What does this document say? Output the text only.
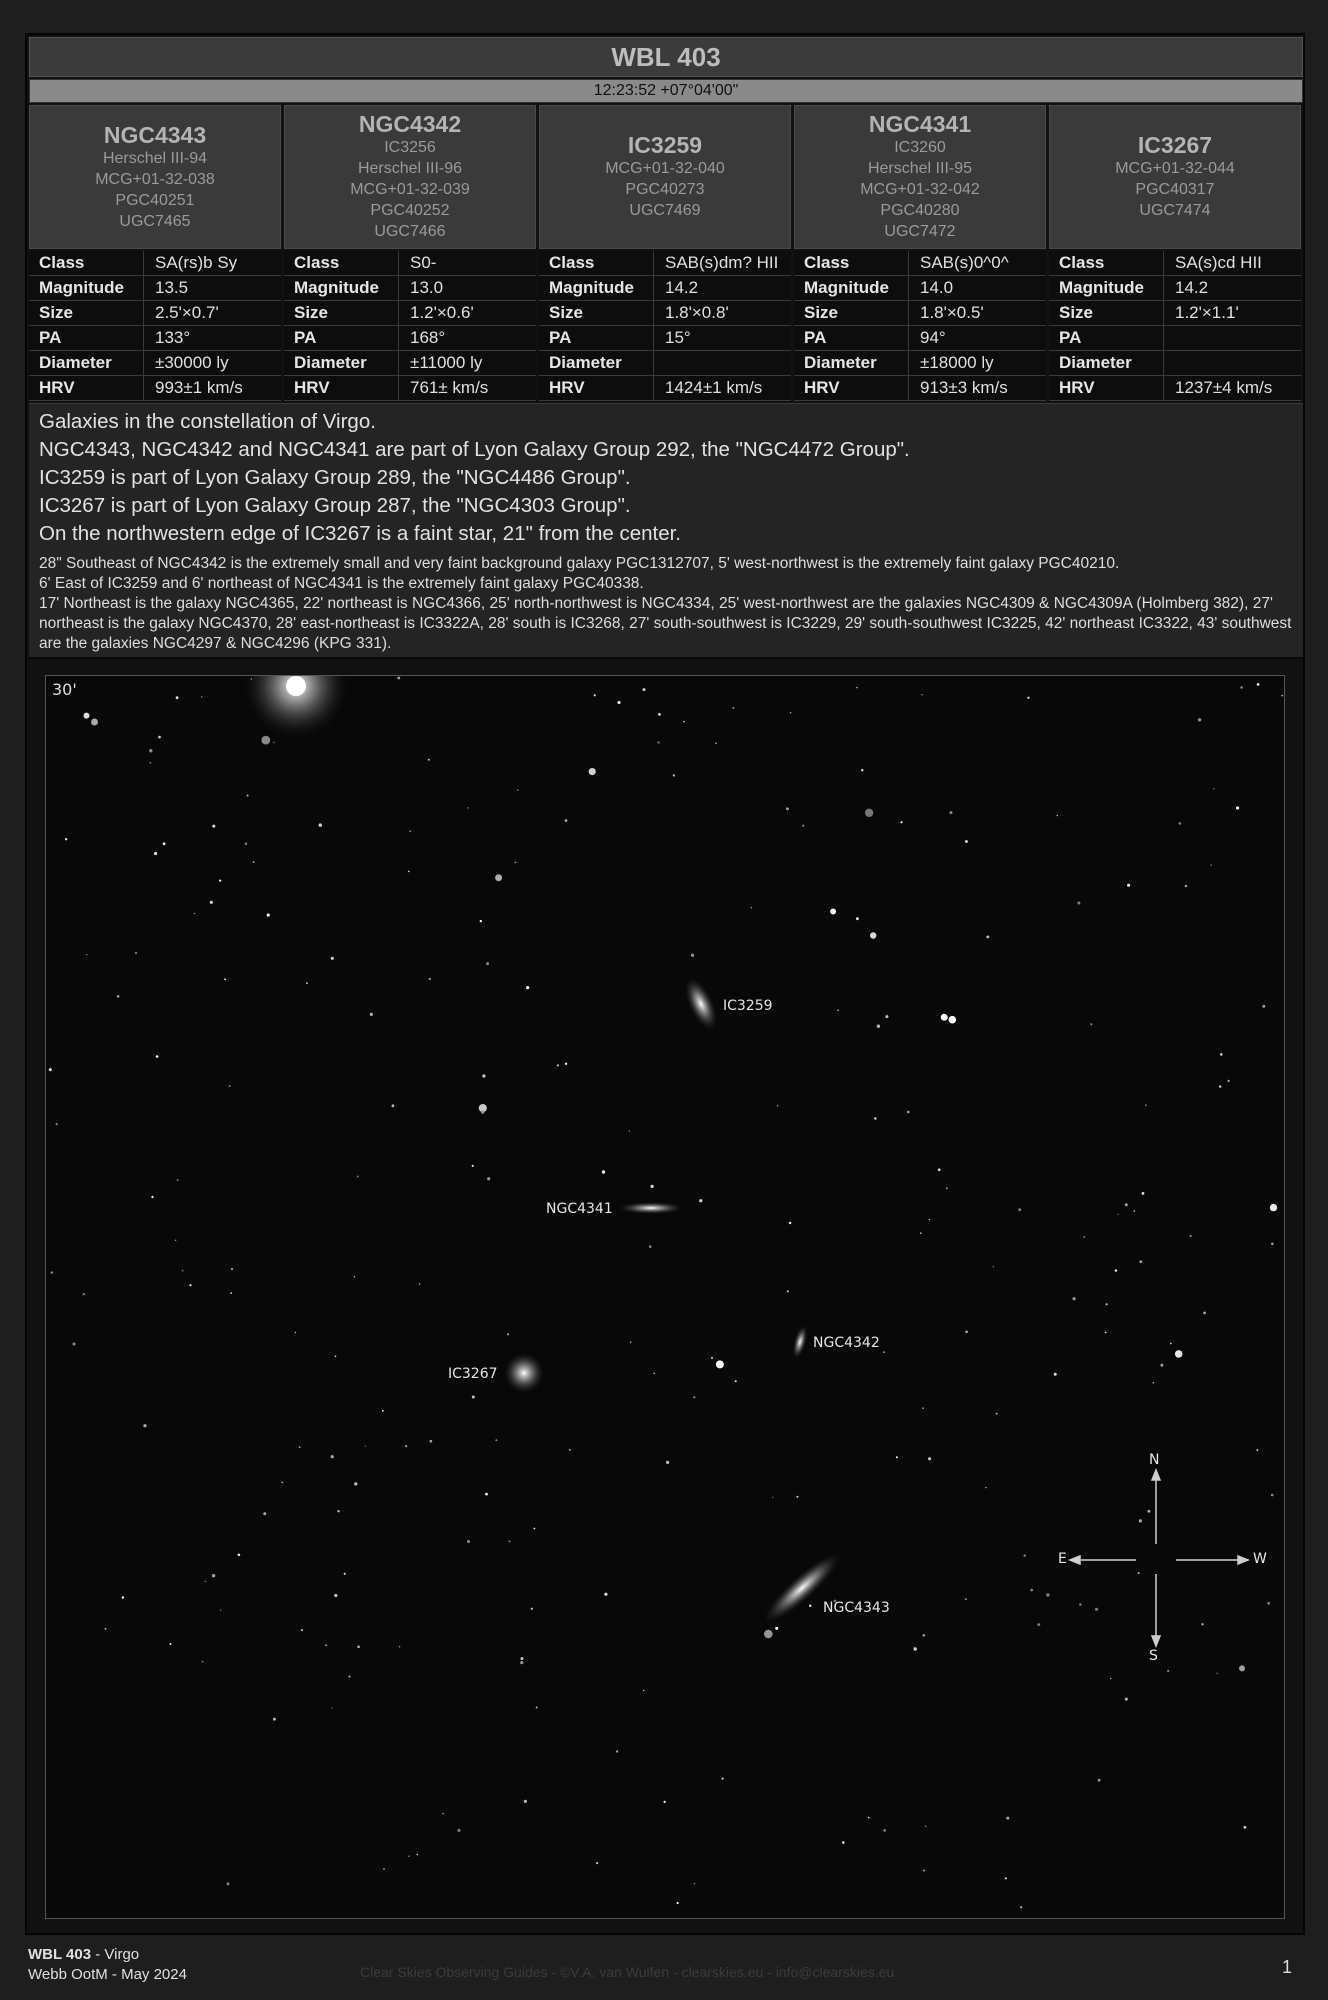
WBL 403
12:23:52 +07°04'00"
NGC4343
Herschel III-94
MCG+01-32-038
PGC40251
UGC7465
NGC4342
IC3256
Herschel III-96
MCG+01-32-039
PGC40252
UGC7466
IC3259
MCG+01-32-040
PGC40273
UGC7469
NGC4341
IC3260
Herschel III-95
MCG+01-32-042
PGC40280
UGC7472
IC3267
MCG+01-32-044
PGC40317
UGC7474
Class	SA(rs)b Sy
Magnitude 13.5
Size	2.5'×0.7'
PA	133°
Diameter	±30000 ly
HRV	993±1 km/s
Class	S0-
Magnitude 13.0
Size	1.2'×0.6'
PA	168°
Diameter	±11000 ly
HRV	761± km/s
Class	SAB(s)dm? HII
Magnitude 14.2
Size	1.8'×0.8'
PA	15°
Diameter
HRV	1424±1 km/s
Class	SAB(s)0^0^
Magnitude 14.0
Size	1.8'×0.5'
PA	94°
Diameter	±18000 ly
HRV	913±3 km/s
Class	SA(s)cd HII
Magnitude 14.2
Size	1.2'×1.1'
PA
Diameter
HRV	1237±4 km/s
Galaxies in the constellation of Virgo.
NGC4343, NGC4342 and NGC4341 are part of Lyon Galaxy Group 292, the "NGC4472 Group".
IC3259 is part of Lyon Galaxy Group 289, the "NGC4486 Group".
IC3267 is part of Lyon Galaxy Group 287, the "NGC4303 Group".
On the northwestern edge of IC3267 is a faint star, 21" from the center.
28" Southeast of NGC4342 is the extremely small and very faint background galaxy PGC1312707, 5' west-northwest is the extremely faint galaxy PGC40210.
6' East of IC3259 and 6' northeast of NGC4341 is the extremely faint galaxy PGC40338.
17' Northeast is the galaxy NGC4365, 22' northeast is NGC4366, 25' north-northwest is NGC4334, 25' west-northwest are the galaxies NGC4309 & NGC4309A (Holmberg 382), 27' northeast is the galaxy NGC4370, 28' east-northeast is IC3322A, 28' south is IC3268, 27' south-southwest is IC3229, 29' south-southwest IC3225, 42' northeast IC3322, 43' southwest are the galaxies NGC4297 & NGC4296 (KPG 331).
30'
IC3259
NGC4341
NGC4342
IC3267
NGC4343
N
S
E	W
WBL 403 - Virgo
Webb OotM - May 2024	Clear Skies Observing Guides - ©V.A. van Wulfen - clearskies.eu - info@clearskies.eu	1
